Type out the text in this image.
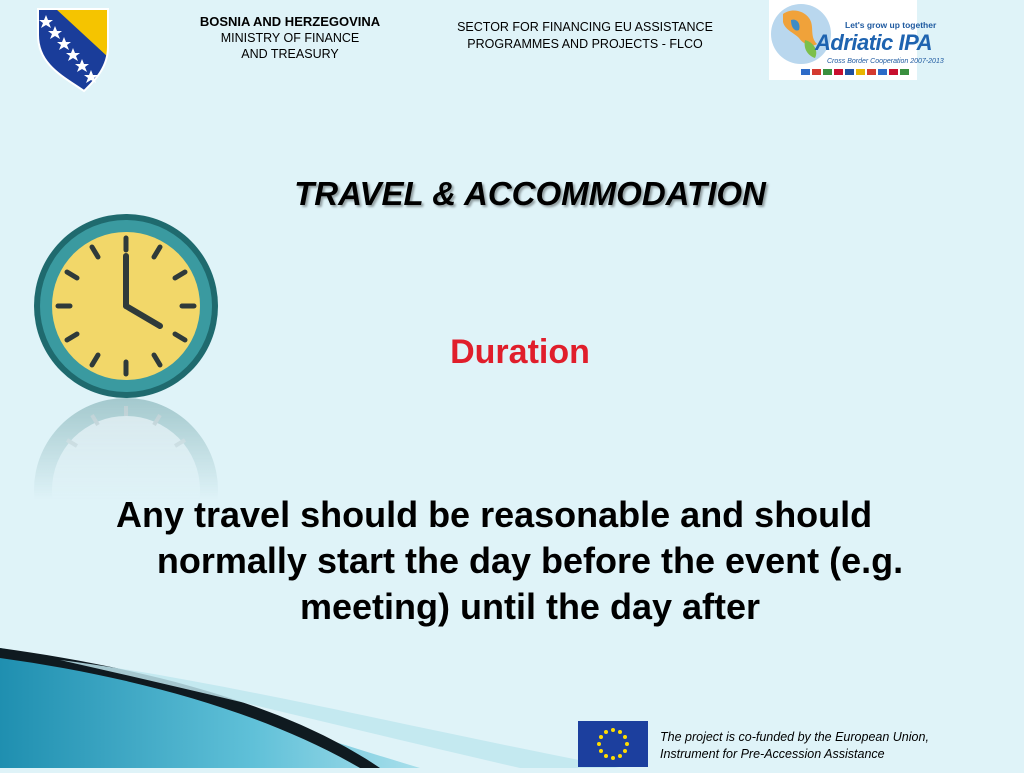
BOSNIA AND HERZEGOVINA
MINISTRY OF FINANCE
AND TREASURY
SECTOR FOR FINANCING EU ASSISTANCE
PROGRAMMES AND PROJECTS - FLCO
Let's grow up together
Adriatic IPA
Cross Border Cooperation 2007-2013
TRAVEL & ACCOMMODATION
Duration
Any travel should be reasonable and should
normally start the day before the event (e.g.
meeting) until the day after
The project is co-funded by the European Union,
Instrument for Pre-Accession Assistance
